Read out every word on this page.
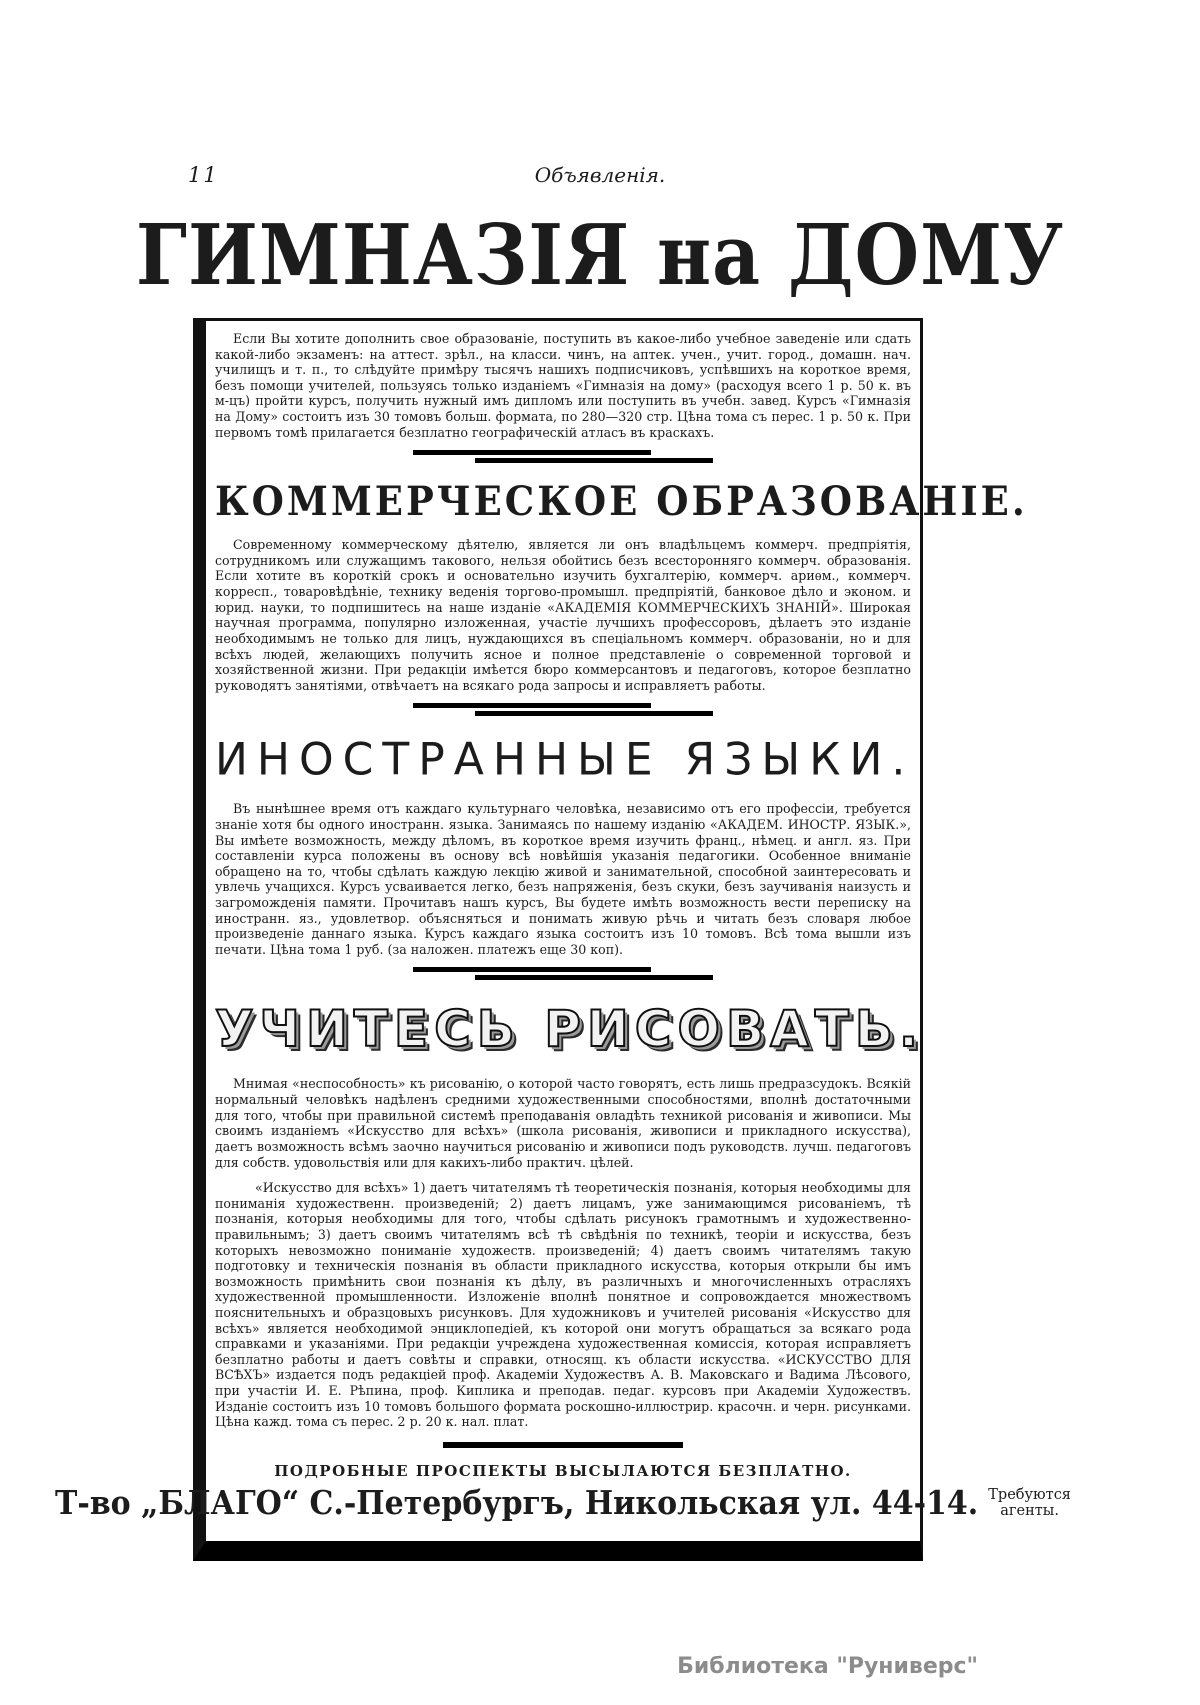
11	Объявленія.
ГИМНАЗІЯ на ДОМУ

Если Вы хотите дополнить свое образованіе, поступить въ какое-либо учебное заведеніе или сдать какой-либо экзаменъ: на аттест. зрѣл., на класси. чинъ, на аптек. учен., учит. город., домашн. нач. училищъ и т. п., то слѣдуйте примѣру тысячъ нашихъ подписчиковъ, успѣвшихъ на короткое время, безъ помощи учителей, пользуясь только изданіемъ «Гимназія на дому» (расходуя всего 1 р. 50 к. въ м-цъ) пройти курсъ, получить нужный имъ дипломъ или поступить въ учебн. завед. Курсъ «Гимназія на Дому» состоитъ изъ 30 томовъ больш. формата, по 280—320 стр. Цѣна тома съ перес. 1 р. 50 к. При первомъ томѣ прилагается безплатно географическій атласъ въ краскахъ.

КОММЕРЧЕСКОЕ ОБРАЗОВАНІЕ.

Современному коммерческому дѣятелю, является ли онъ владѣльцемъ коммерч. предпріятія, сотрудникомъ или служащимъ такового, нельзя обойтись безъ всесторонняго коммерч. образованія. Если хотите въ короткій срокъ и основательно изучить бухгалтерію, коммерч. ариѳм., коммерч. корресп., товаровѣдѣніе, технику веденія торгово-промышл. предпріятій, банковое дѣло и эконом. и юрид. науки, то подпишитесь на наше изданіе «АКАДЕМІЯ КОММЕРЧЕСКИХЪ ЗНАНІЙ». Широкая научная программа, популярно изложенная, участіе лучшихъ профессоровъ, дѣлаетъ это изданіе необходимымъ не только для лицъ, нуждающихся въ спеціальномъ коммерч. образованіи, но и для всѣхъ людей, желающихъ получить ясное и полное представленіе о современной торговой и хозяйственной жизни. При редакціи имѣется бюро коммерсантовъ и педагоговъ, которое безплатно руководятъ занятіями, отвѣчаетъ на всякаго рода запросы и исправляетъ работы.

ИНОСТРАННЫЕ ЯЗЫКИ.

Въ нынѣшнее время отъ каждаго культурнаго человѣка, независимо отъ его профессіи, требуется знаніе хотя бы одного иностранн. языка. Занимаясь по нашему изданію «АКАДЕМ. ИНОСТР. ЯЗЫК.», Вы имѣете возможность, между дѣломъ, въ короткое время изучить франц., нѣмец. и англ. яз. При составленіи курса положены въ основу всѣ новѣйшія указанія педагогики. Особенное вниманіе обращено на то, чтобы сдѣлать каждую лекцію живой и занимательной, способной заинтересовать и увлечь учащихся. Курсъ усваивается легко, безъ напряженія, безъ скуки, безъ заучиванія наизусть и загроможденія памяти. Прочитавъ нашъ курсъ, Вы будете имѣть возможность вести переписку на иностранн. яз., удовлетвор. объясняться и понимать живую рѣчь и читать безъ словаря любое произведеніе даннаго языка. Курсъ каждаго языка состоитъ изъ 10 томовъ. Всѣ тома вышли изъ печати. Цѣна тома 1 руб. (за наложен. платежъ еще 30 коп).

УЧИТЕСЬ РИСОВАТЬ.

Мнимая «неспособность» къ рисованію, о которой часто говорятъ, есть лишь предразсудокъ. Всякій нормальный человѣкъ надѣленъ средними художественными способностями, вполнѣ достаточными для того, чтобы при правильной системѣ преподаванія овладѣть техникой рисованія и живописи. Мы своимъ изданіемъ «Искусство для всѣхъ» (школа рисованія, живописи и прикладного искусства), даетъ возможность всѣмъ заочно научиться рисованію и живописи подъ руководств. лучш. педагоговъ для собств. удовольствія или для какихъ-либо практич. цѣлей.

«Искусство для всѣхъ» 1) даетъ читателямъ тѣ теоретическія познанія, которыя необходимы для пониманія художественн. произведеній; 2) даетъ лицамъ, уже занимающимся рисованіемъ, тѣ познанія, которыя необходимы для того, чтобы сдѣлать рисунокъ грамотнымъ и художественно-правильнымъ; 3) даетъ своимъ читателямъ всѣ тѣ свѣдѣнія по техникѣ, теоріи и искусства, безъ которыхъ невозможно пониманіе художеств. произведеній; 4) даетъ своимъ читателямъ такую подготовку и техническія познанія въ области прикладного искусства, которыя открыли бы имъ возможность примѣнить свои познанія къ дѣлу, въ различныхъ и многочисленныхъ отрасляхъ художественной промышленности. Изложеніе вполнѣ понятное и сопровождается множествомъ пояснительныхъ и образцовыхъ рисунковъ. Для художниковъ и учителей рисованія «Искусство для всѣхъ» является необходимой энциклопедіей, къ которой они могутъ обращаться за всякаго рода справками и указаніями. При редакціи учреждена художественная комиссія, которая исправляетъ безплатно работы и даетъ совѣты и справки, относящ. къ области искусства. «ИСКУССТВО ДЛЯ ВСѢХЪ» издается подъ редакціей проф. Академіи Художествъ А. В. Маковскаго и Вадима Лѣсового, при участіи И. Е. Рѣпина, проф. Киплика и преподав. педаг. курсовъ при Академіи Художествъ. Изданіе состоитъ изъ 10 томовъ большого формата роскошно-иллюстрир. красочн. и черн. рисунками. Цѣна кажд. тома съ перес. 2 р. 20 к. нал. плат.

ПОДРОБНЫЕ ПРОСПЕКТЫ ВЫСЫЛАЮТСЯ БЕЗПЛАТНО.

Т-во „БЛАГО“ С.-Петербургъ, Никольская ул. 44-14. Требуются
агенты.
Библиотека "Руниверс"
